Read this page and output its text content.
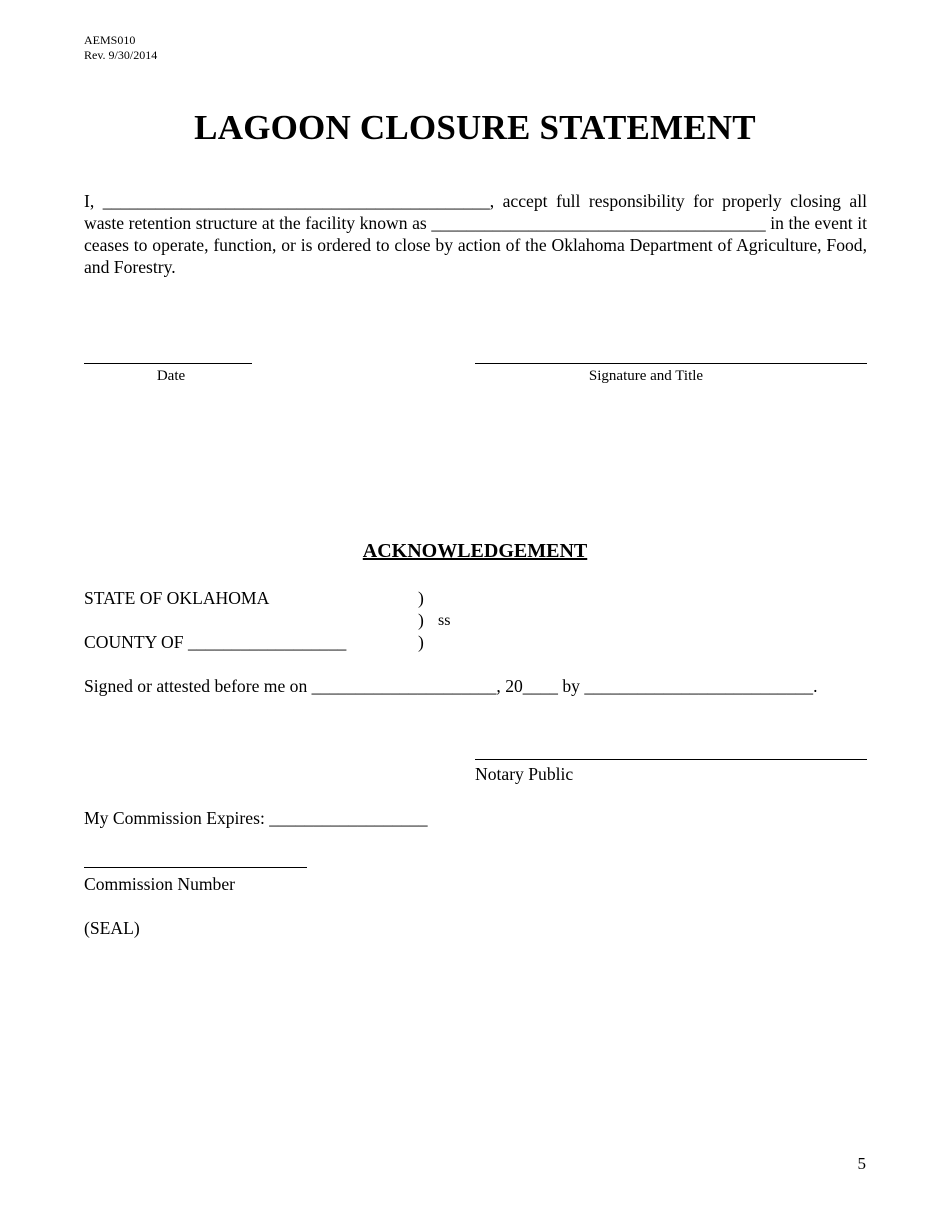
AEMS010
Rev. 9/30/2014
LAGOON CLOSURE STATEMENT
I, ____________________________________________, accept full responsibility for properly closing all waste retention structure at the facility known as ______________________________________ in the event it ceases to operate, function, or is ordered to close by action of the Oklahoma Department of Agriculture, Food, and Forestry.
Date	Signature and Title
ACKNOWLEDGEMENT
STATE OF OKLAHOMA
COUNTY OF __________________
)
) ss
)
Signed or attested before me on _____________________, 20____ by __________________________.
Notary Public
My Commission Expires: __________________
Commission Number
(SEAL)
5
